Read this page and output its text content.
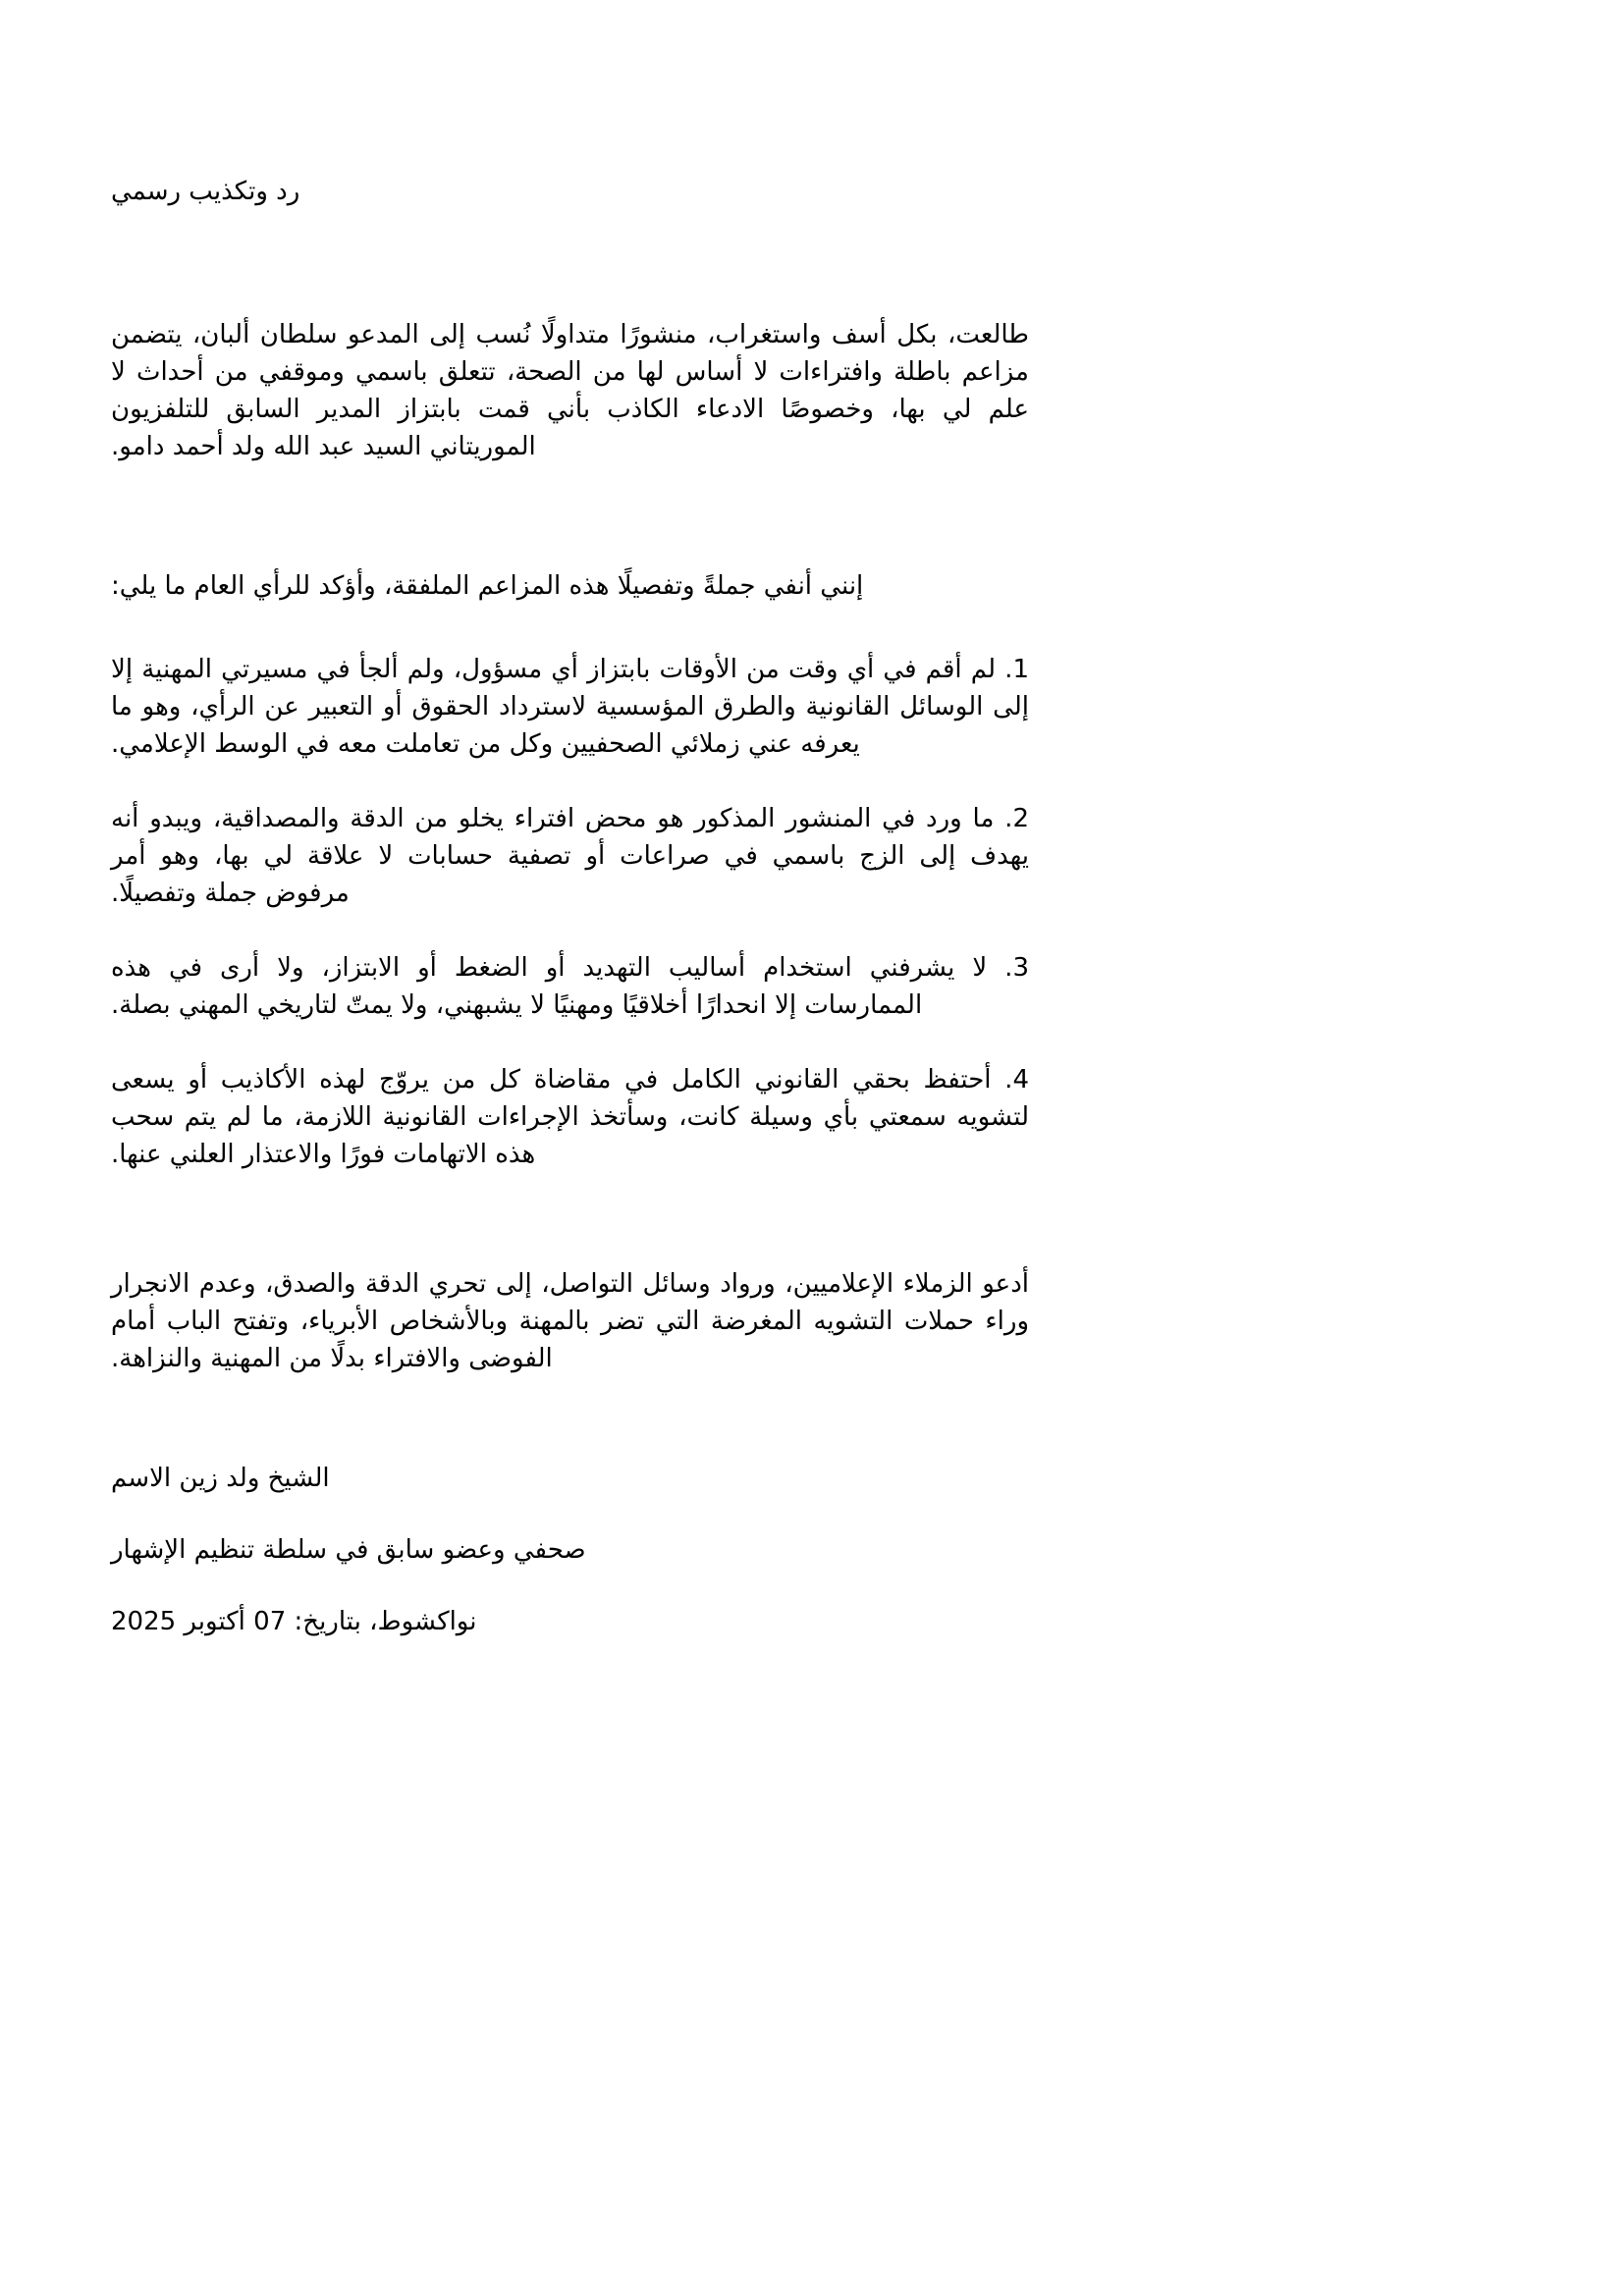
رد وتكذيب رسمي

طالعت، بكل أسف واستغراب، منشورًا متداولًا نُسب إلى المدعو سلطان ألبان، يتضمن مزاعم باطلة وافتراءات لا أساس لها من الصحة، تتعلق باسمي وموقفي من أحداث لا علم لي بها، وخصوصًا الادعاء الكاذب بأني قمت بابتزاز المدير السابق للتلفزيون الموريتاني السيد عبد الله ولد أحمد دامو.

إنني أنفي جملةً وتفصيلًا هذه المزاعم الملفقة، وأؤكد للرأي العام ما يلي:

1. لم أقم في أي وقت من الأوقات بابتزاز أي مسؤول، ولم ألجأ في مسيرتي المهنية إلا إلى الوسائل القانونية والطرق المؤسسية لاسترداد الحقوق أو التعبير عن الرأي، وهو ما يعرفه عني زملائي الصحفيين وكل من تعاملت معه في الوسط الإعلامي.

2. ما ورد في المنشور المذكور هو محض افتراء يخلو من الدقة والمصداقية، ويبدو أنه يهدف إلى الزج باسمي في صراعات أو تصفية حسابات لا علاقة لي بها، وهو أمر مرفوض جملة وتفصيلًا.

3. لا يشرفني استخدام أساليب التهديد أو الضغط أو الابتزاز، ولا أرى في هذه الممارسات إلا انحدارًا أخلاقيًا ومهنيًا لا يشبهني، ولا يمتّ لتاريخي المهني بصلة.

4. أحتفظ بحقي القانوني الكامل في مقاضاة كل من يروّج لهذه الأكاذيب أو يسعى لتشويه سمعتي بأي وسيلة كانت، وسأتخذ الإجراءات القانونية اللازمة، ما لم يتم سحب هذه الاتهامات فورًا والاعتذار العلني عنها.

أدعو الزملاء الإعلاميين، ورواد وسائل التواصل، إلى تحري الدقة والصدق، وعدم الانجرار وراء حملات التشويه المغرضة التي تضر بالمهنة وبالأشخاص الأبرياء، وتفتح الباب أمام الفوضى والافتراء بدلًا من المهنية والنزاهة.

الشيخ ولد زين الاسم

صحفي وعضو سابق في سلطة تنظيم الإشهار

نواكشوط، بتاريخ: 07 أكتوبر 2025
